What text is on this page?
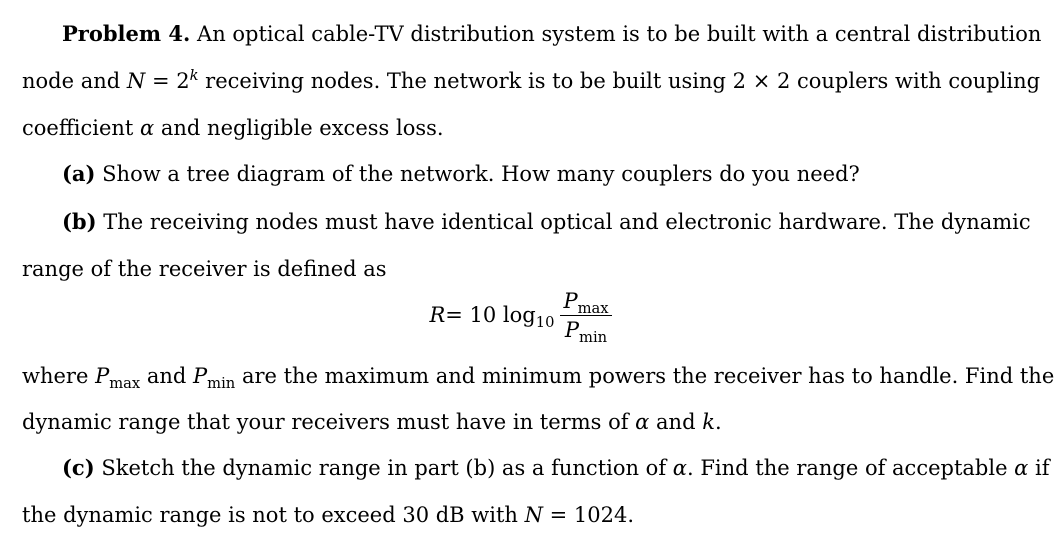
Problem 4. An optical cable-TV distribution system is to be built with a central distribution
node and $N = 2^k$ receiving nodes. The network is to be built using 2 × 2 couplers with coupling
coefficient α and negligible excess loss.
(a) Show a tree diagram of the network. How many couplers do you need?
(b) The receiving nodes must have identical optical and electronic hardware. The dynamic
range of the receiver is defined as
R = 10 $\log_{10} \frac{P_{max}}{P_{min}}$
where $P_{max}$ and $P_{min}$ are the maximum and minimum powers the receiver has to handle. Find the
dynamic range that your receivers must have in terms of α and k.
(c) Sketch the dynamic range in part (b) as a function of α. Find the range of acceptable α if
the dynamic range is not to exceed 30 dB with N = 1024.
